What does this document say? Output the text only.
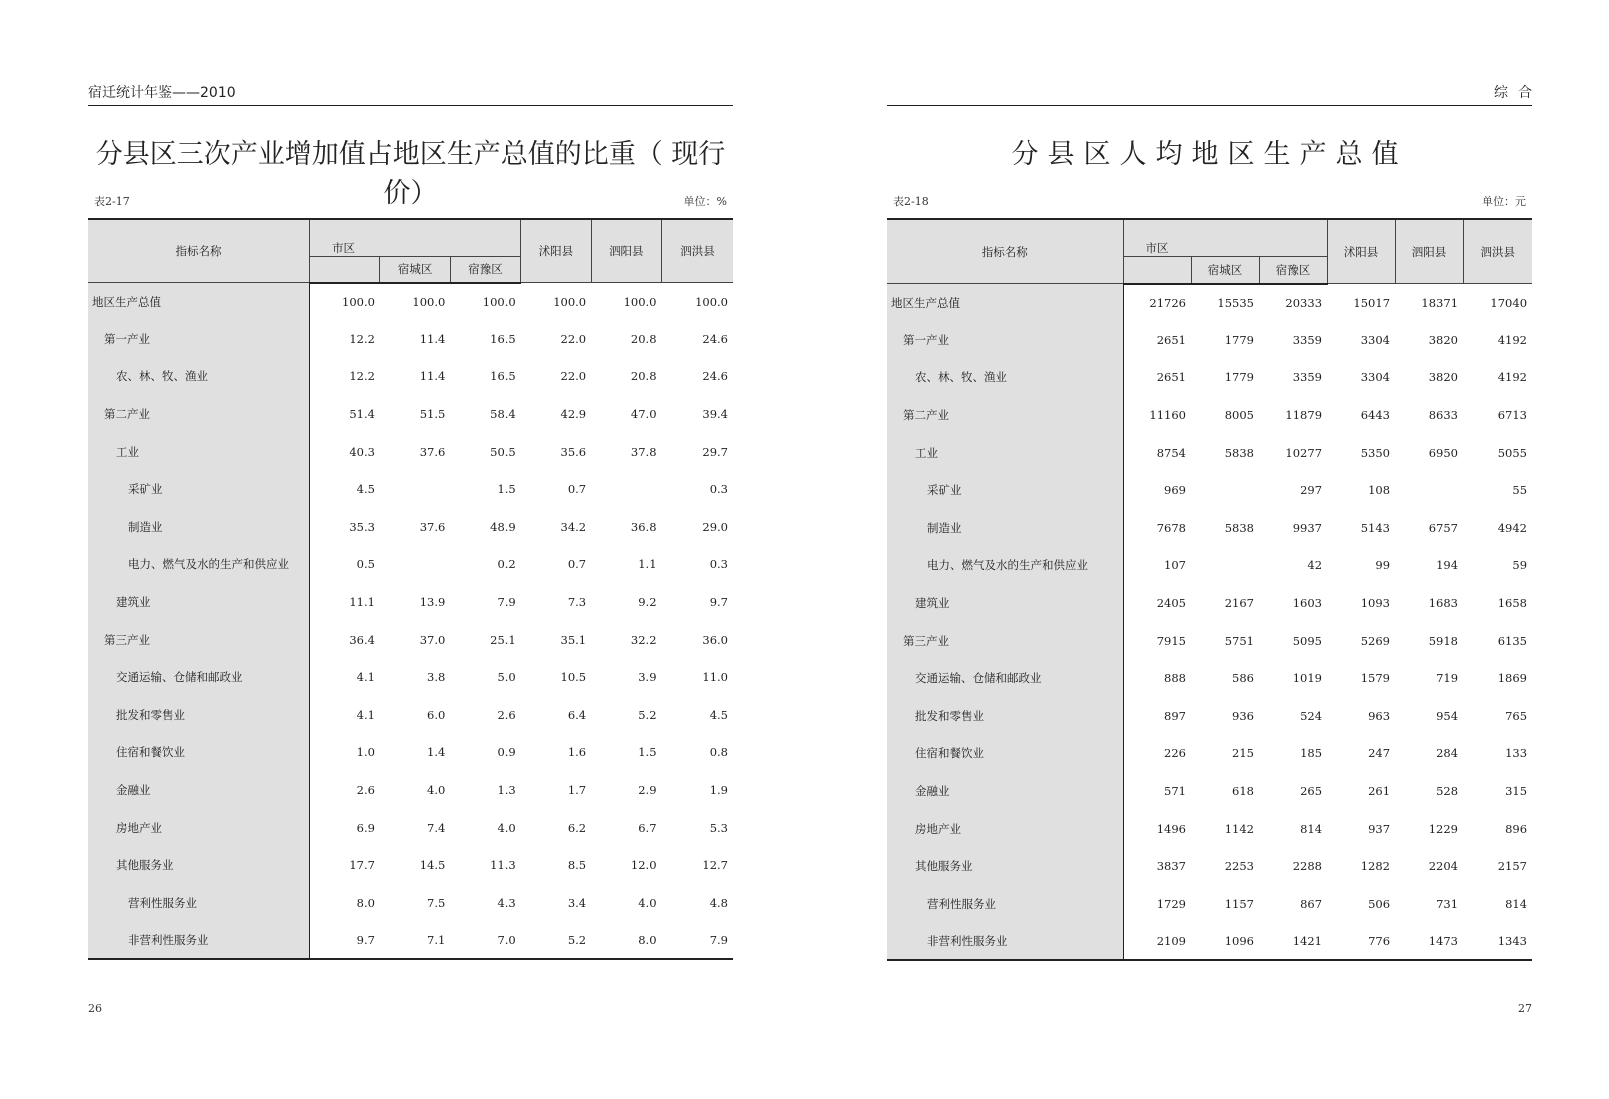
宿迁统计年鉴——2010
分县区三次产业增加值占地区生产总值的比重（ 现行价）
表2-17	单位：%
指标名称	市区			沭阳县	泗阳县	泗洪县
		宿城区	宿豫区			
地区生产总值	100.0	100.0	100.0	100.0	100.0	100.0
第一产业	12.2	11.4	16.5	22.0	20.8	24.6
农、林、牧、渔业	12.2	11.4	16.5	22.0	20.8	24.6
第二产业	51.4	51.5	58.4	42.9	47.0	39.4
工业	40.3	37.6	50.5	35.6	37.8	29.7
采矿业	4.5		1.5	0.7		0.3
制造业	35.3	37.6	48.9	34.2	36.8	29.0
电力、燃气及水的生产和供应业	0.5		0.2	0.7	1.1	0.3
建筑业	11.1	13.9	7.9	7.3	9.2	9.7
第三产业	36.4	37.0	25.1	35.1	32.2	36.0
交通运输、仓储和邮政业	4.1	3.8	5.0	10.5	3.9	11.0
批发和零售业	4.1	6.0	2.6	6.4	5.2	4.5
住宿和餐饮业	1.0	1.4	0.9	1.6	1.5	0.8
金融业	2.6	4.0	1.3	1.7	2.9	1.9
房地产业	6.9	7.4	4.0	6.2	6.7	5.3
其他服务业	17.7	14.5	11.3	8.5	12.0	12.7
营利性服务业	8.0	7.5	4.3	3.4	4.0	4.8
非营利性服务业	9.7	7.1	7.0	5.2	8.0	7.9
26
综合
分县区人均地区生产总值
表2-18	单位：元
指标名称	市区			沭阳县	泗阳县	泗洪县
		宿城区	宿豫区			
地区生产总值	21726	15535	20333	15017	18371	17040
第一产业	2651	1779	3359	3304	3820	4192
农、林、牧、渔业	2651	1779	3359	3304	3820	4192
第二产业	11160	8005	11879	6443	8633	6713
工业	8754	5838	10277	5350	6950	5055
采矿业	969		297	108		55
制造业	7678	5838	9937	5143	6757	4942
电力、燃气及水的生产和供应业	107		42	99	194	59
建筑业	2405	2167	1603	1093	1683	1658
第三产业	7915	5751	5095	5269	5918	6135
交通运输、仓储和邮政业	888	586	1019	1579	719	1869
批发和零售业	897	936	524	963	954	765
住宿和餐饮业	226	215	185	247	284	133
金融业	571	618	265	261	528	315
房地产业	1496	1142	814	937	1229	896
其他服务业	3837	2253	2288	1282	2204	2157
营利性服务业	1729	1157	867	506	731	814
非营利性服务业	2109	1096	1421	776	1473	1343
27
